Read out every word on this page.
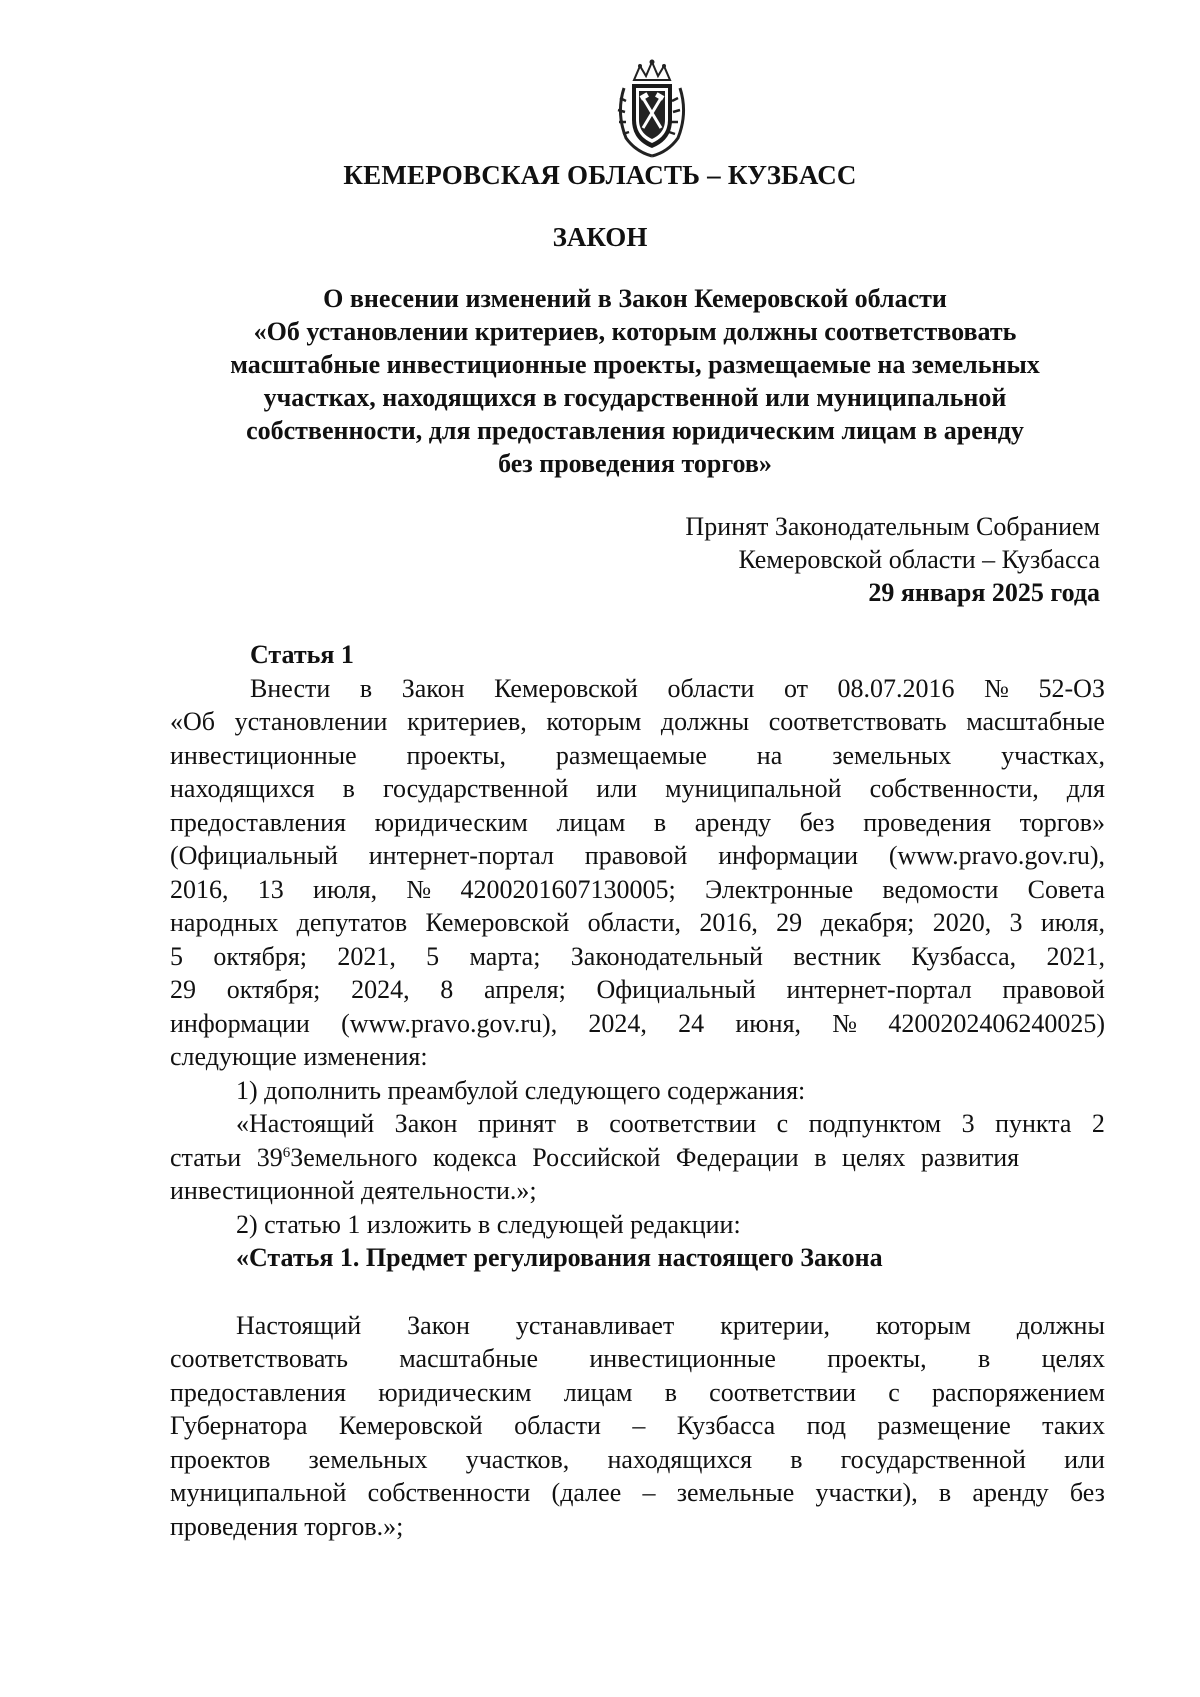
КЕМЕРОВСКАЯ ОБЛАСТЬ – КУЗБАСС
ЗАКОН
О внесении изменений в Закон Кемеровской области
«Об установлении критериев, которым должны соответствовать
масштабные инвестиционные проекты, размещаемые на земельных
участках, находящихся в государственной или муниципальной
собственности, для предоставления юридическим лицам в аренду
без проведения торгов»
Принят Законодательным Собранием
Кемеровской области – Кузбасса
29 января 2025 года
Статья 1
Внести в Закон Кемеровской области от 08.07.2016 № 52-ОЗ
«Об установлении критериев, которым должны соответствовать масштабные
инвестиционные проекты, размещаемые на земельных участках,
находящихся в государственной или муниципальной собственности, для
предоставления юридическим лицам в аренду без проведения торгов»
(Официальный интернет-портал правовой информации (www.pravo.gov.ru),
2016, 13 июля, № 4200201607130005; Электронные ведомости Совета
народных депутатов Кемеровской области, 2016, 29 декабря; 2020, 3 июля,
5 октября; 2021, 5 марта; Законодательный вестник Кузбасса, 2021,
29 октября; 2024, 8 апреля; Официальный интернет-портал правовой
информации (www.pravo.gov.ru), 2024, 24 июня, № 4200202406240025)
следующие изменения:
1) дополнить преамбулой следующего содержания:
«Настоящий Закон принят в соответствии с подпунктом 3 пункта 2
статьи $39^6Земельного$ кодекса Российской Федерации в целях развития
инвестиционной деятельности.»;
2) статью 1 изложить в следующей редакции:
«Статья 1. Предмет регулирования настоящего Закона
Настоящий Закон устанавливает критерии, которым должны
соответствовать масштабные инвестиционные проекты, в целях
предоставления юридическим лицам в соответствии с распоряжением
Губернатора Кемеровской области – Кузбасса под размещение таких
проектов земельных участков, находящихся в государственной или
муниципальной собственности (далее – земельные участки), в аренду без
проведения торгов.»;
